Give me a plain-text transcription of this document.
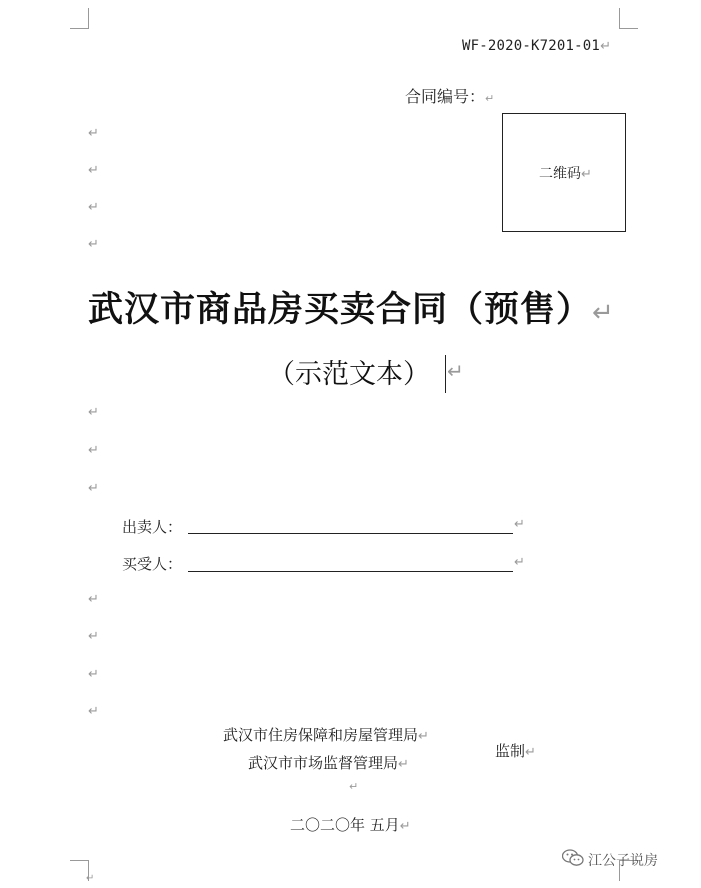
WF-2020-K7201-01↵
合同编号：↵
二维码↵
↵
↵
↵
↵
武汉市商品房买卖合同（预售）↵
（示范文本） ↵
↵
↵
↵
出卖人：	↵
买受人：	↵
↵
↵
↵
↵
武汉市住房保障和房屋管理局↵
武汉市市场监督管理局↵
监制↵
↵
二〇二〇年 五月↵
↵
江公子说房
